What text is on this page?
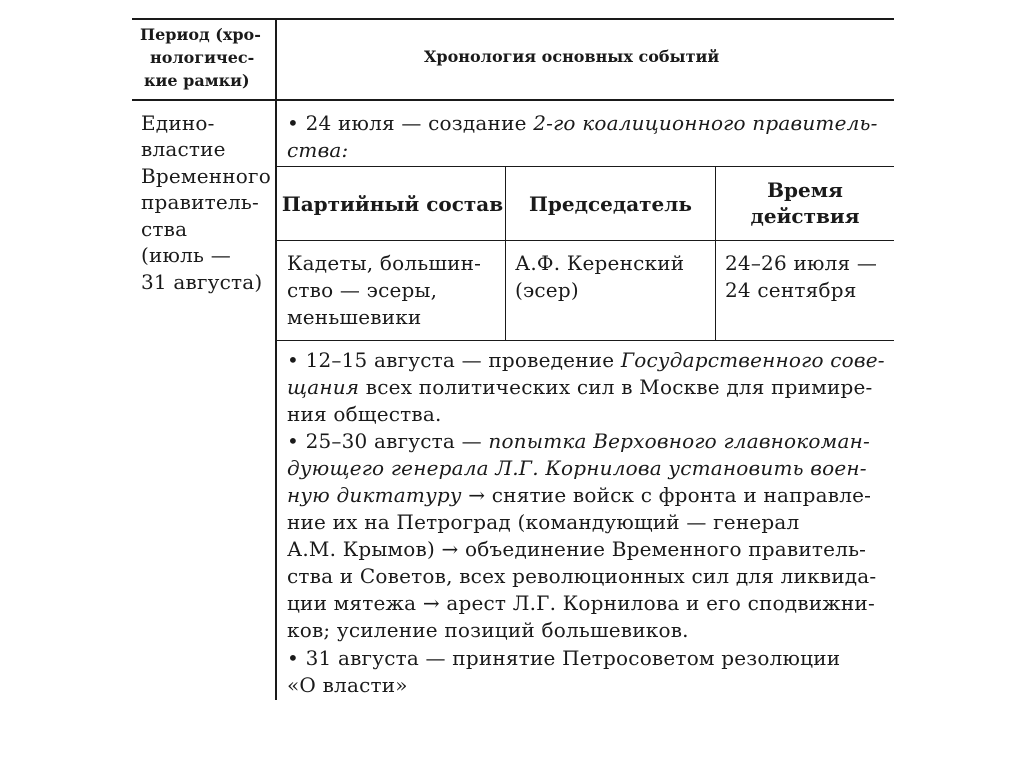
Период (хро-
нологичес-
кие рамки)
Хронология основных событий
Едино-
властие
Временного
правитель-
ства
(июль —
31 августа)
• 24 июля — создание 2-го коалиционного правитель-
ства:
Партийный состав	Председатель
Время
действия
Кадеты, большин-
ство — эсеры,
меньшевики
А.Ф. Керенский
(эсер)
24–26 июля —
24 сентября
• 12–15 августа — проведение Государственного сове-
щания всех политических сил в Москве для примире-
ния общества.
• 25–30 августа — попытка Верховного главнокоман-
дующего генерала Л.Г. Корнилова установить воен-
ную диктатуру → снятие войск с фронта и направле-
ние их на Петроград (командующий — генерал
А.М. Крымов) → объединение Временного правитель-
ства и Советов, всех революционных сил для ликвида-
ции мятежа → арест Л.Г. Корнилова и его сподвижни-
ков; усиление позиций большевиков.
• 31 августа — принятие Петросоветом резолюции
«О власти»
